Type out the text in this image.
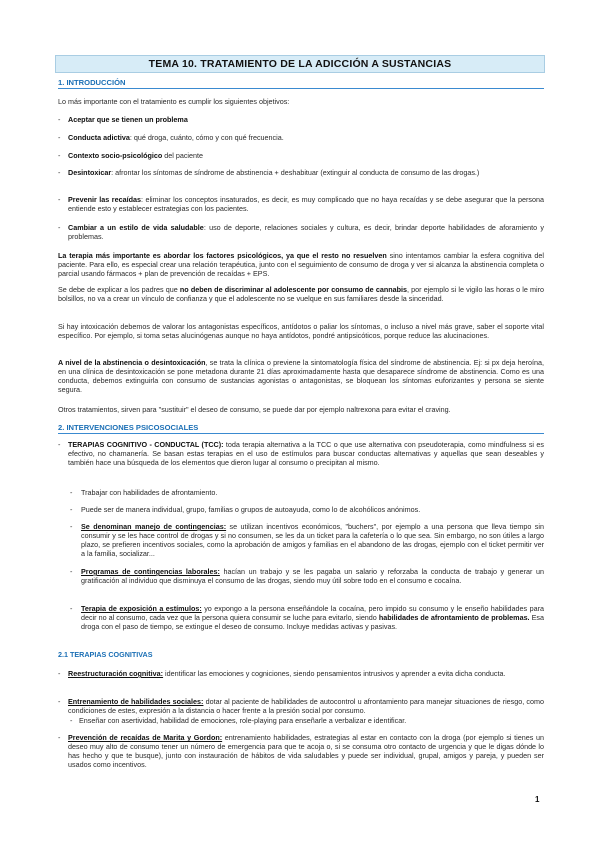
TEMA 10. TRATAMIENTO DE LA ADICCIÓN A SUSTANCIAS
1. INTRODUCCIÓN
Lo más importante con el tratamiento es cumplir los siguientes objetivos:
-	Aceptar que se tienen un problema
-	Conducta adictiva: qué droga, cuánto, cómo y con qué frecuencia.
-	Contexto socio-psicológico del paciente
-	Desintoxicar: afrontar los síntomas de síndrome de abstinencia + deshabituar (extinguir al conducta de consumo de las drogas.)
-	Prevenir las recaídas: eliminar los conceptos insaturados, es decir, es muy complicado que no haya recaídas y se debe asegurar que la persona entiende esto y establecer estrategias con los pacientes.
-	Cambiar a un estilo de vida saludable: uso de deporte, relaciones sociales y cultura, es decir, brindar deporte habilidades de aforamiento y problemas.
La terapia más importante es abordar los factores psicológicos, ya que el resto no resuelven sino intentamos cambiar la esfera cognitiva del paciente. Para ello, es especial crear una relación terapéutica, junto con el seguimiento de consumo de droga y ver si alcanza la abstinencia completa o parcial usando fármacos + plan de prevención de recaídas + EPS.
Se debe de explicar a los padres que no deben de discriminar al adolescente por consumo de cannabis, por ejemplo si le vigilo las horas o le miro bolsillos, no va a crear un vínculo de confianza y que el adolescente no se vuelque en sus familiares desde la sinceridad.
Si hay intoxicación debemos de valorar los antagonistas específicos, antídotos o paliar los síntomas, o incluso a nivel más grave, saber el soporte vital específico. Por ejemplo, si toma setas alucinógenas aunque no haya antídotos, pondré antipsicóticos, porque reduce las alucinaciones.
A nivel de la abstinencia o desintoxicación, se trata la clínica o previene la sintomatología física del síndrome de abstinencia. Ej: si px deja heroína, en una clínica de desintoxicación se pone metadona durante 21 días aproximadamente hasta que desaparece síndrome de abstinencia. Como es una conducta, debemos extinguirla con consumo de sustancias agonistas o antagonistas, se bloquean los síntomas euforizantes y persona se siente segura.
Otros tratamientos, sirven para "sustituir" el deseo de consumo, se puede dar por ejemplo naltrexona para evitar el craving.
2. INTERVENCIONES PSICOSOCIALES
-	TERAPIAS COGNITIVO - CONDUCTAL (TCC): toda terapia alternativa a la TCC o que use alternativa con pseudoterapia, como mindfulness si es efectivo, no chamanería. Se basan estas terapias en el uso de estímulos para buscar conductas alternativas y aquellas que sean deseables y también hace una búsqueda de los elementos que dieron lugar al consumo o precipitan al mismo.
-	Trabajar con habilidades de afrontamiento.
-	Puede ser de manera individual, grupo, familias o grupos de autoayuda, como lo de alcohólicos anónimos.
-	Se denominan manejo de contingencias: se utilizan incentivos económicos, "buchers", por ejemplo a una persona que lleva tiempo sin consumir y se les hace control de drogas y si no consumen, se les da un ticket para la cafetería o lo que sea. Sin embargo, no son útiles a largo plazo, se prefieren incentivos sociales, como la aprobación de amigos y familias en el abandono de las drogas, ejemplo con el ticket permitir ver a la familia, socializar...
-	Programas de contingencias laborales: hacían un trabajo y se les pagaba un salario y reforzaba la conducta de trabajo y generar un gratificación al individuo que disminuya el consumo de las drogas, siendo muy útil sobre todo en el consumo e cocaína.
-	Terapia de exposición a estímulos: yo expongo a la persona enseñándole la cocaína, pero impido su consumo y le enseño habilidades para decir no al consumo, cada vez que la persona quiera consumir se luche para evitarlo, siendo habilidades de afrontamiento de problemas. Esa droga con el paso de tiempo, se extingue el deseo de consumo. Incluye medidas activas y pasivas.
2.1 TERAPIAS COGNITIVAS
-	Reestructuración cognitiva: identificar las emociones y cogniciones, siendo pensamientos intrusivos y aprender a evita dicha conducta.
-	Entrenamiento de habilidades sociales: dotar al paciente de habilidades de autocontrol u afrontamiento para manejar situaciones de riesgo, como condiciones de estes, expresión a la distancia o hacer frente a la presión social por consumo.
- Enseñar con asertividad, habilidad de emociones, role-playing para enseñarle a verbalizar e identificar.
-	Prevención de recaídas de Marita y Gordon: entrenamiento habilidades, estrategias al estar en contacto con la droga (por ejemplo si tienes un deseo muy alto de consumo tener un número de emergencia para que te acoja o, si se consuma otro contacto de urgencia y que le digas dónde lo has hecho y que te busque), junto con instauración de hábitos de vida saludables y puede ser individual, grupal, amigos y pareja, y pueden ser usados como incentivos.
1
